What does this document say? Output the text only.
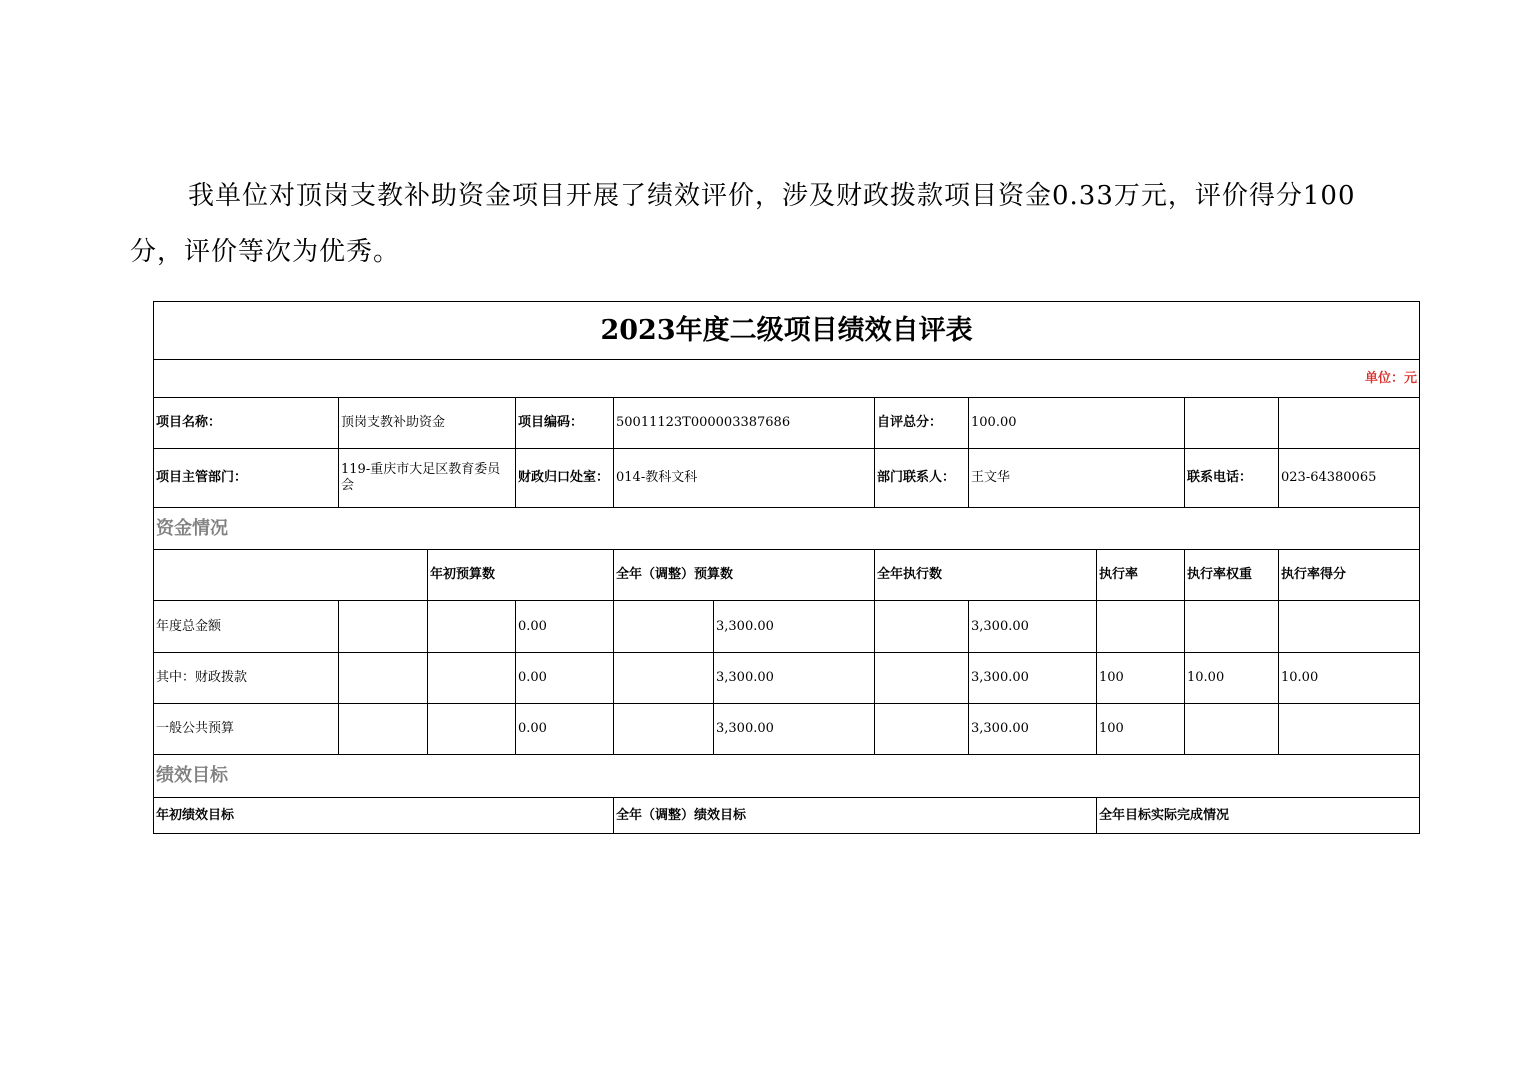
我单位对顶岗支教补助资金项目开展了绩效评价，涉及财政拨款项目资金0.33万元，评价得分100分，评价等次为优秀。

2023年度二级项目绩效自评表										
单位：元										
项目名称：	顶岗支教补助资金		项目编码：	50011123T000003387686		自评总分：	100.00			
项目主管部门：	119-重庆市大足区教育委员会		财政归口处室：	014-教科文科		部门联系人：	王文华		联系电话：	023-64380065
资金情况										
		年初预算数		全年（调整）预算数		全年执行数		执行率	执行率权重	执行率得分
年度总金额			0.00		3,300.00		3,300.00			
其中：财政拨款			0.00		3,300.00		3,300.00	100	10.00	10.00
一般公共预算			0.00		3,300.00		3,300.00	100		
绩效目标										
年初绩效目标				全年（调整）绩效目标				全年目标实际完成情况		
